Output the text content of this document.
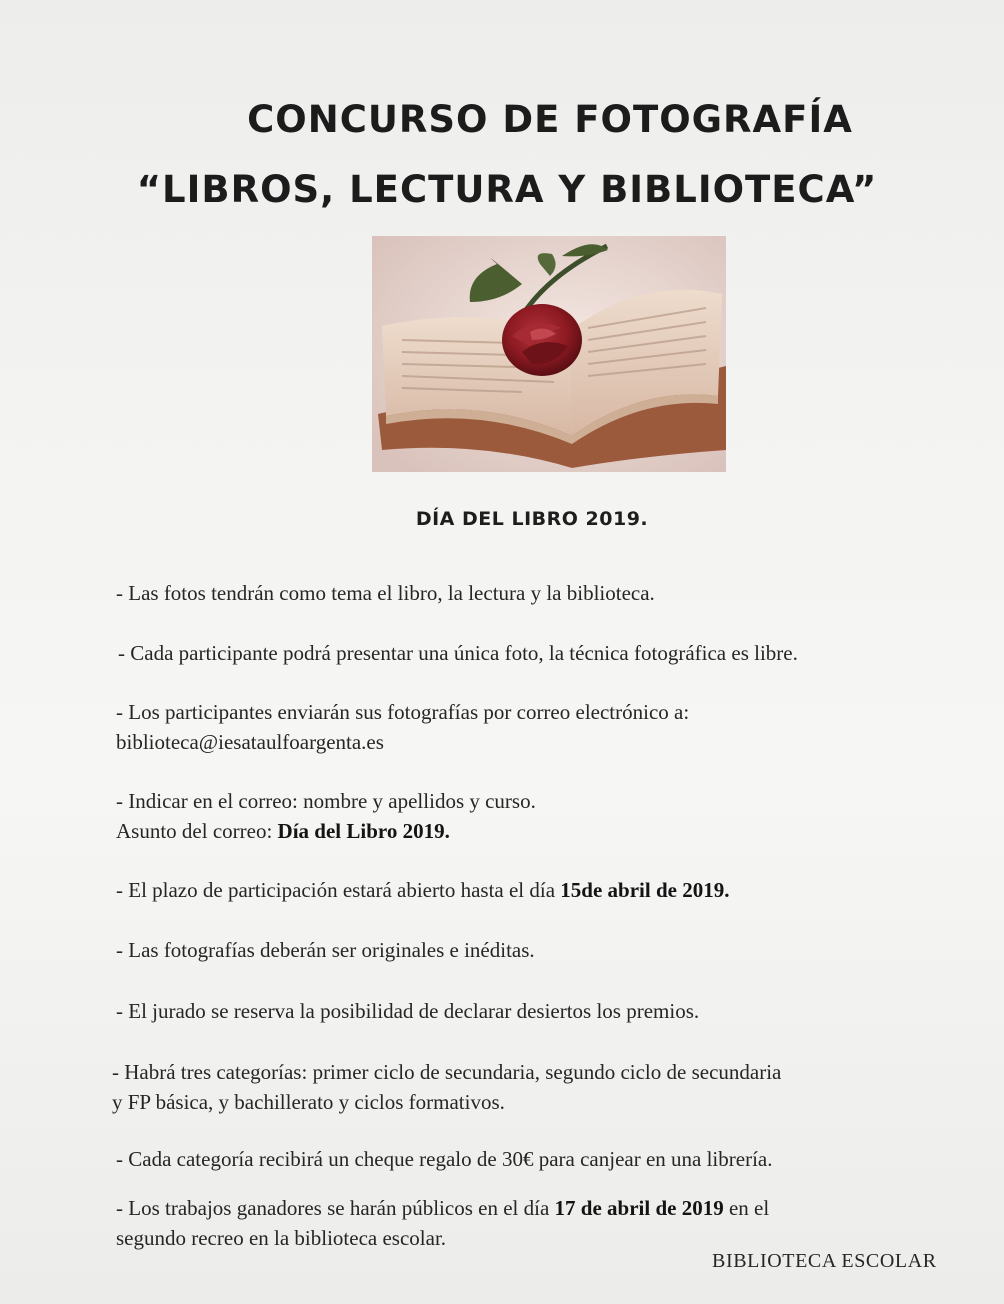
CONCURSO DE FOTOGRAFÍA
“LIBROS, LECTURA Y BIBLIOTECA”
DÍA DEL LIBRO 2019.
- Las fotos tendrán como tema el libro, la lectura y la biblioteca.
- Cada participante podrá presentar una única foto, la técnica fotográfica es libre.
- Los participantes enviarán sus fotografías por correo electrónico a:
biblioteca@iesataulfoargenta.es
- Indicar en el correo: nombre y apellidos y curso.
Asunto del correo: Día del Libro 2019.
- El plazo de participación estará abierto hasta el día 15de abril de 2019.
- Las fotografías deberán ser originales e inéditas.
- El jurado se reserva la posibilidad de declarar desiertos los premios.
- Habrá tres categorías: primer ciclo de secundaria, segundo ciclo de secundaria
y FP básica, y bachillerato y ciclos formativos.
- Cada categoría recibirá un cheque regalo de 30€ para canjear en una librería.
- Los trabajos ganadores se harán públicos en el día 17 de abril de 2019 en el
segundo recreo en la biblioteca escolar.
BIBLIOTECA ESCOLAR
